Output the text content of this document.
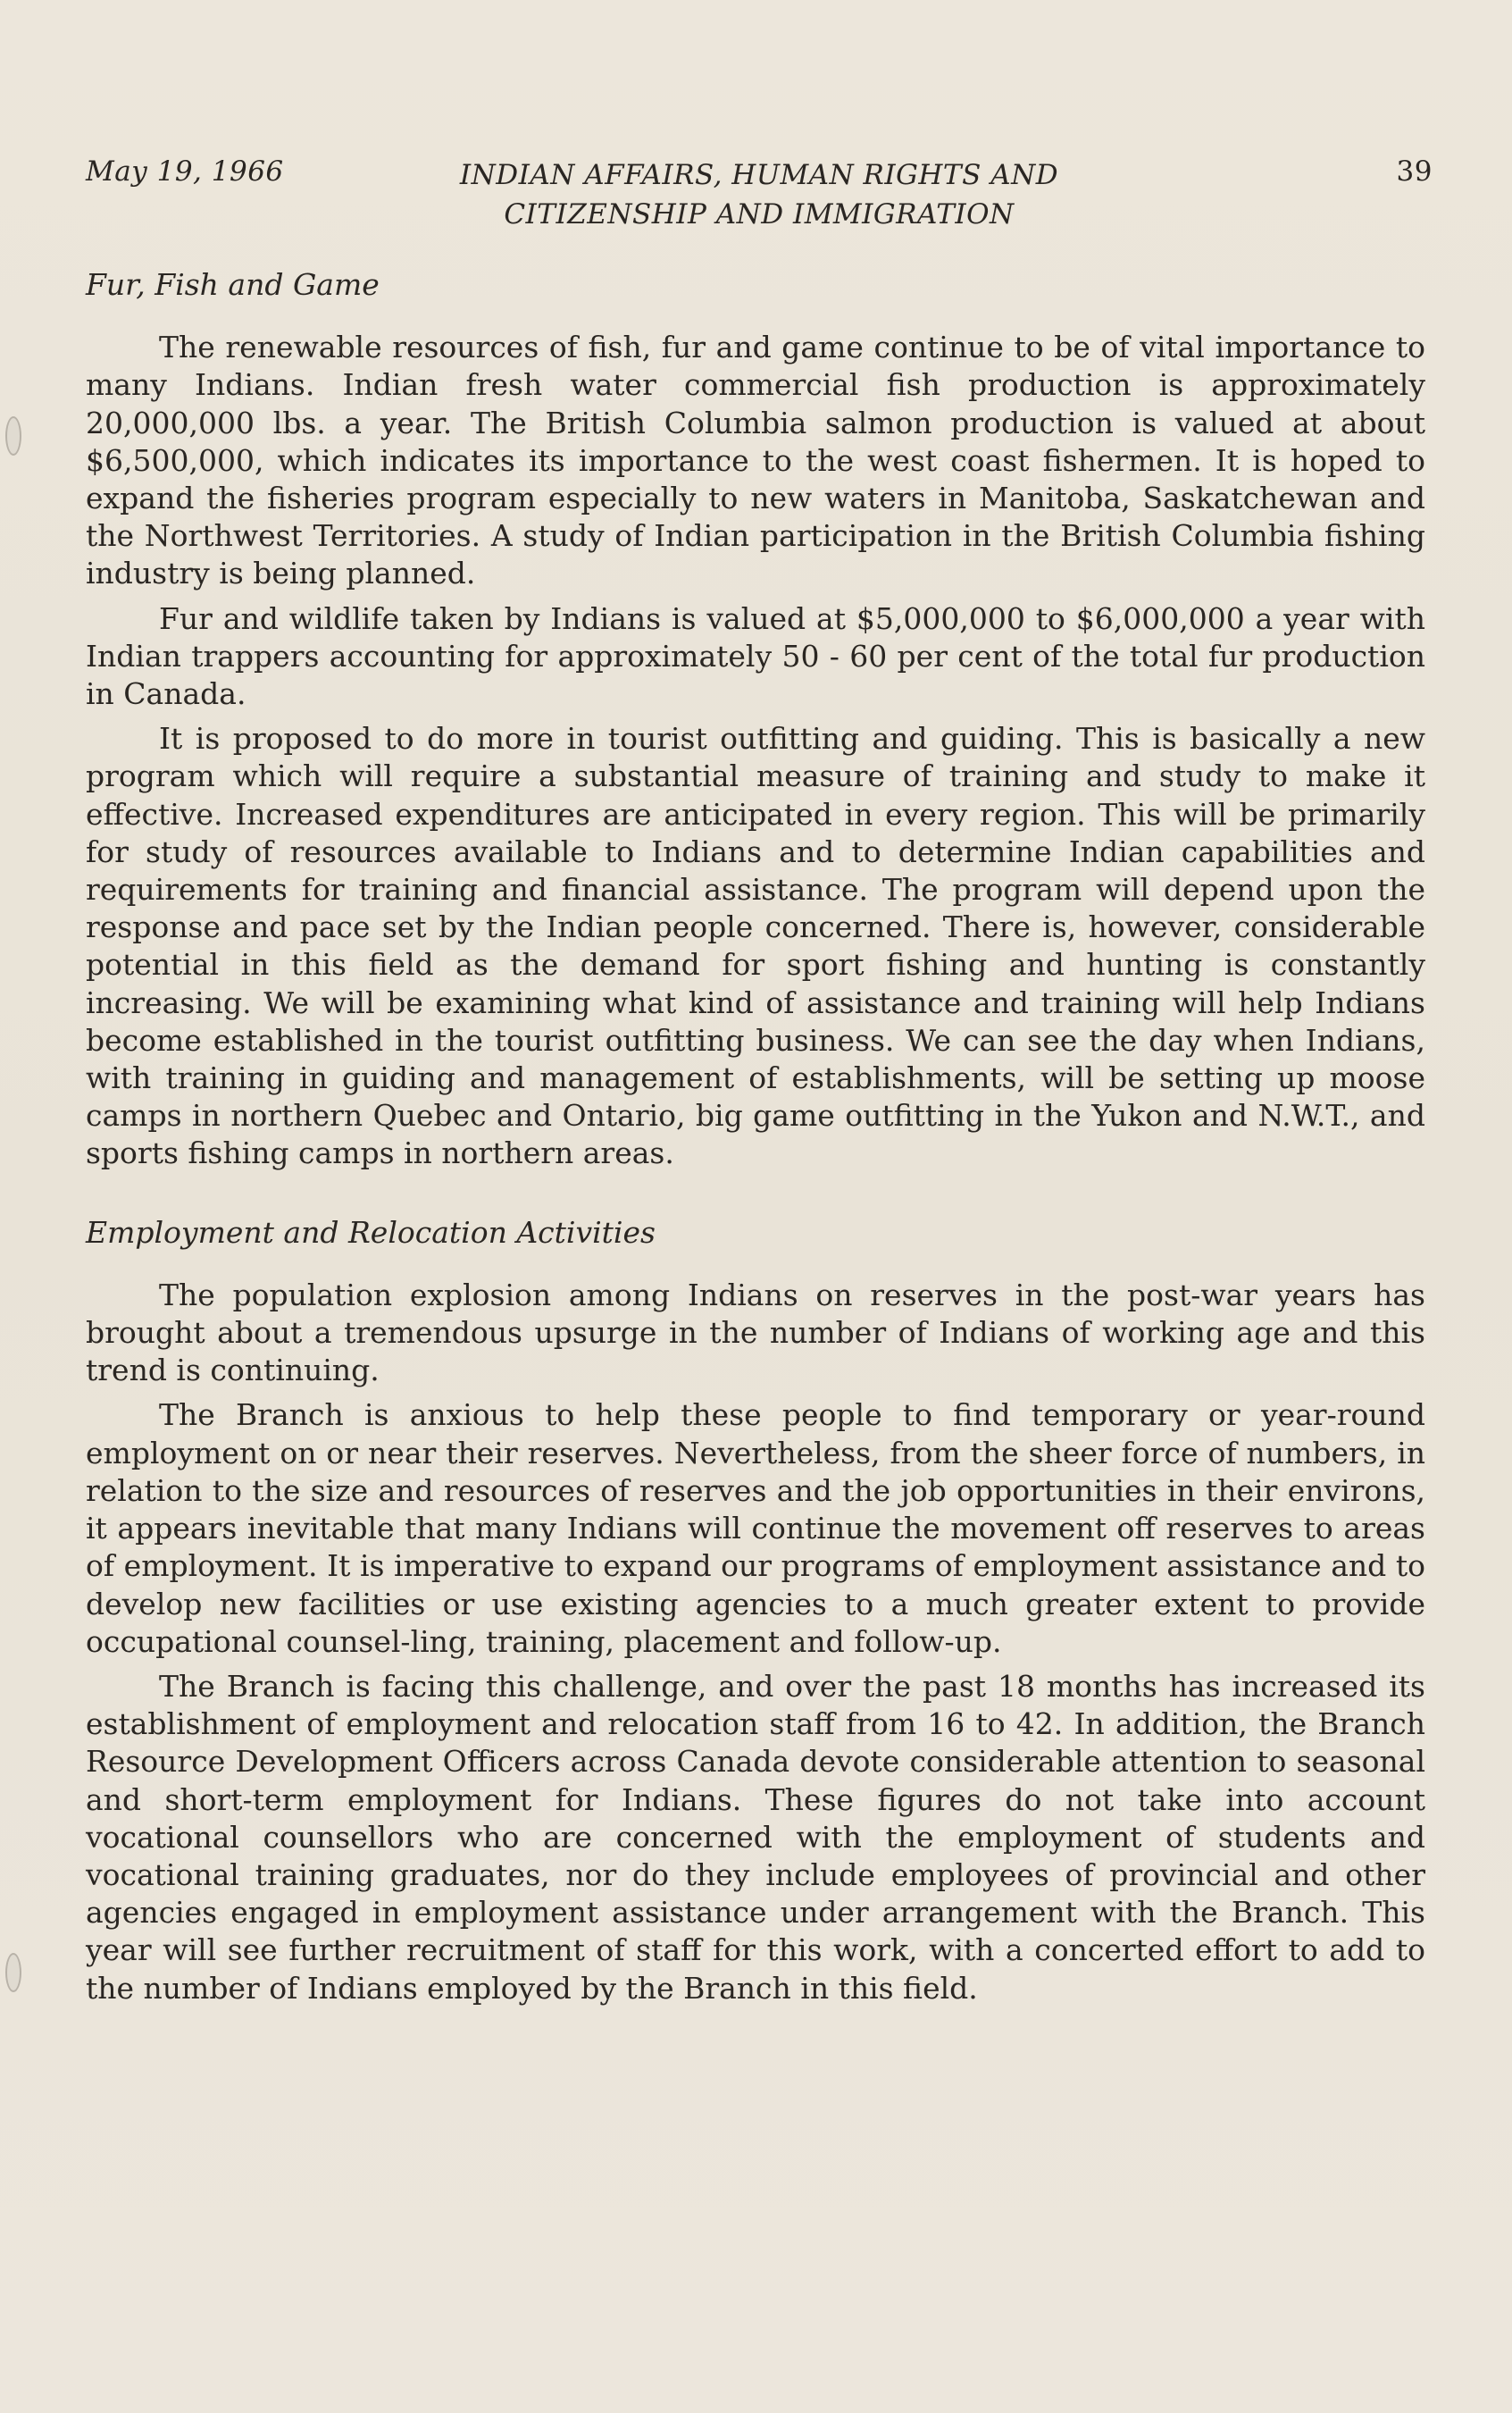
May 19, 1966	INDIAN AFFAIRS, HUMAN RIGHTS AND
CITIZENSHIP AND IMMIGRATION
39
Fur, Fish and Game

The renewable resources of fish, fur and game continue to be of vital importance to many Indians. Indian fresh water commercial fish production is approximately 20,000,000 lbs. a year. The British Columbia salmon production is valued at about $6,500,000, which indicates its importance to the west coast fishermen. It is hoped to expand the fisheries program especially to new waters in Manitoba, Saskatchewan and the Northwest Territories. A study of Indian participation in the British Columbia fishing industry is being planned.

Fur and wildlife taken by Indians is valued at $5,000,000 to $6,000,000 a year with Indian trappers accounting for approximately 50 - 60 per cent of the total fur production in Canada.

It is proposed to do more in tourist outfitting and guiding. This is basically a new program which will require a substantial measure of training and study to make it effective. Increased expenditures are anticipated in every region. This will be primarily for study of resources available to Indians and to determine Indian capabilities and requirements for training and financial assistance. The program will depend upon the response and pace set by the Indian people concerned. There is, however, considerable potential in this field as the demand for sport fishing and hunting is constantly increasing. We will be examining what kind of assistance and training will help Indians become established in the tourist outfitting business. We can see the day when Indians, with training in guiding and management of establishments, will be setting up moose camps in northern Quebec and Ontario, big game outfitting in the Yukon and N.W.T., and sports fishing camps in northern areas.

Employment and Relocation Activities

The population explosion among Indians on reserves in the post-war years has brought about a tremendous upsurge in the number of Indians of working age and this trend is continuing.

The Branch is anxious to help these people to find temporary or year-round employment on or near their reserves. Nevertheless, from the sheer force of numbers, in relation to the size and resources of reserves and the job opportunities in their environs, it appears inevitable that many Indians will continue the movement off reserves to areas of employment. It is imperative to expand our programs of employment assistance and to develop new facilities or use existing agencies to a much greater extent to provide occupational counsel-ling, training, placement and follow-up.

The Branch is facing this challenge, and over the past 18 months has increased its establishment of employment and relocation staff from 16 to 42. In addition, the Branch Resource Development Officers across Canada devote considerable attention to seasonal and short-term employment for Indians. These figures do not take into account vocational counsellors who are concerned with the employment of students and vocational training graduates, nor do they include employees of provincial and other agencies engaged in employment assistance under arrangement with the Branch. This year will see further recruitment of staff for this work, with a concerted effort to add to the number of Indians employed by the Branch in this field.
